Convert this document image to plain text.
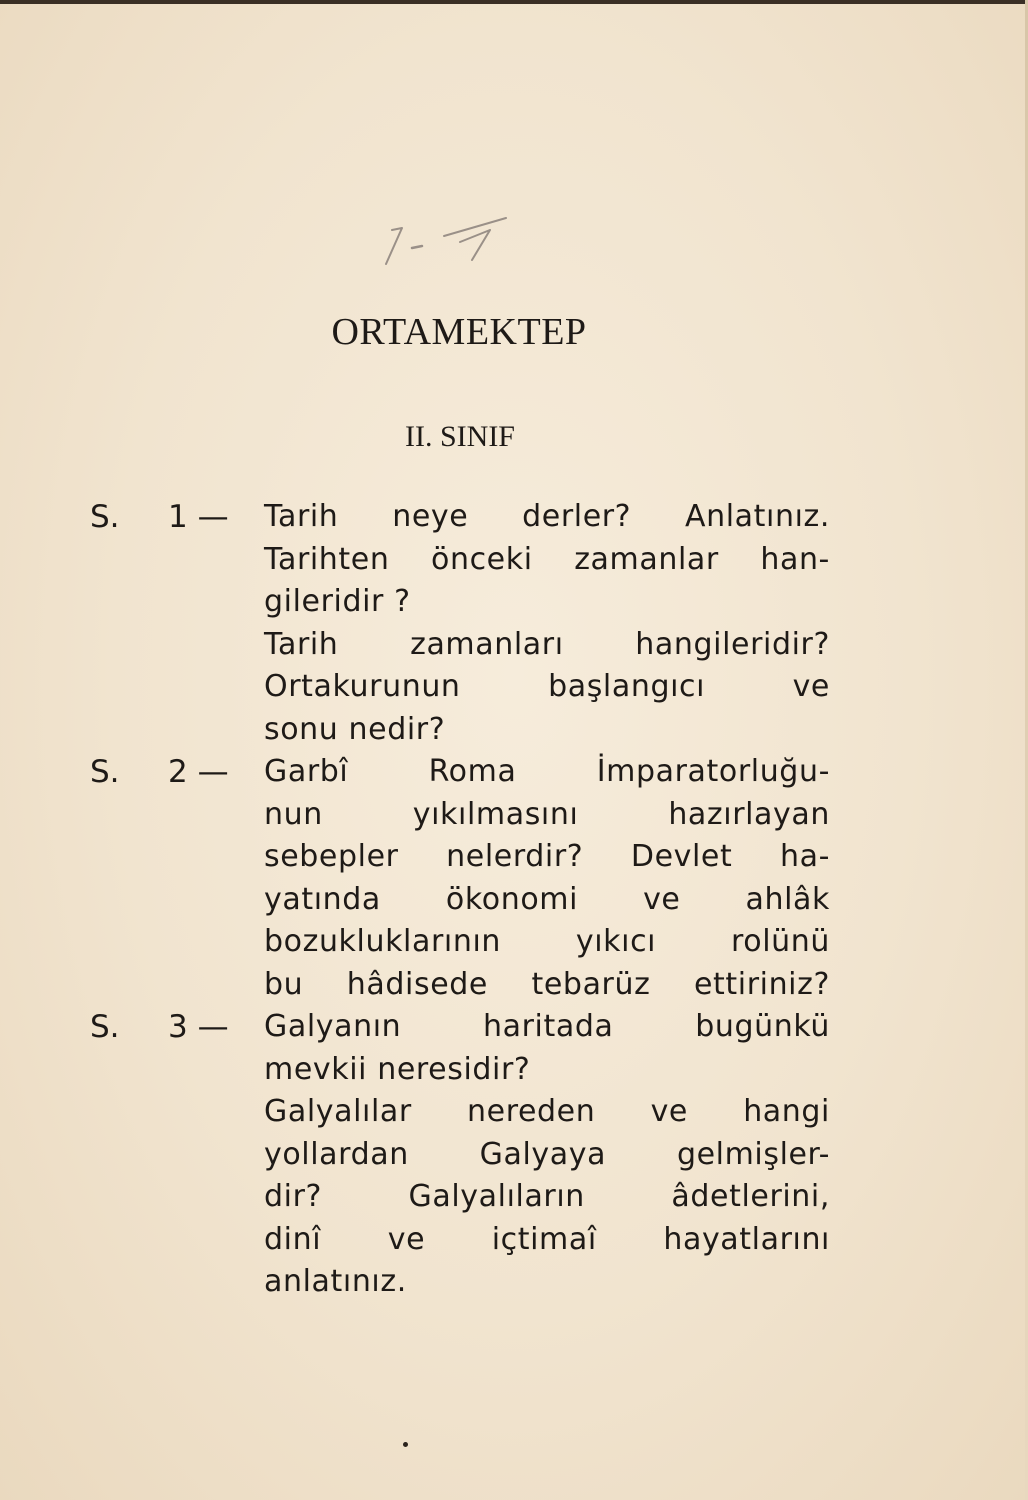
ORTAMEKTEP
II. SINIF
S. 1 — Tarih neye derler? Anlatınız.
Tarihten önceki zamanlar han-
gileridir ?
Tarih zamanları hangileridir?
Ortakurunun başlangıcı ve
sonu nedir?
S. 2 — Garbî Roma İmparatorluğu-
nun yıkılmasını hazırlayan
sebepler nelerdir? Devlet ha-
yatında ökonomi ve ahlâk
bozukluklarının yıkıcı rolünü
bu hâdisede tebarüz ettiriniz?
S. 3 — Galyanın haritada bugünkü
mevkii neresidir?
Galyalılar nereden ve hangi
yollardan Galyaya gelmişler-
dir? Galyalıların âdetlerini,
dinî ve içtimaî hayatlarını
anlatınız.
